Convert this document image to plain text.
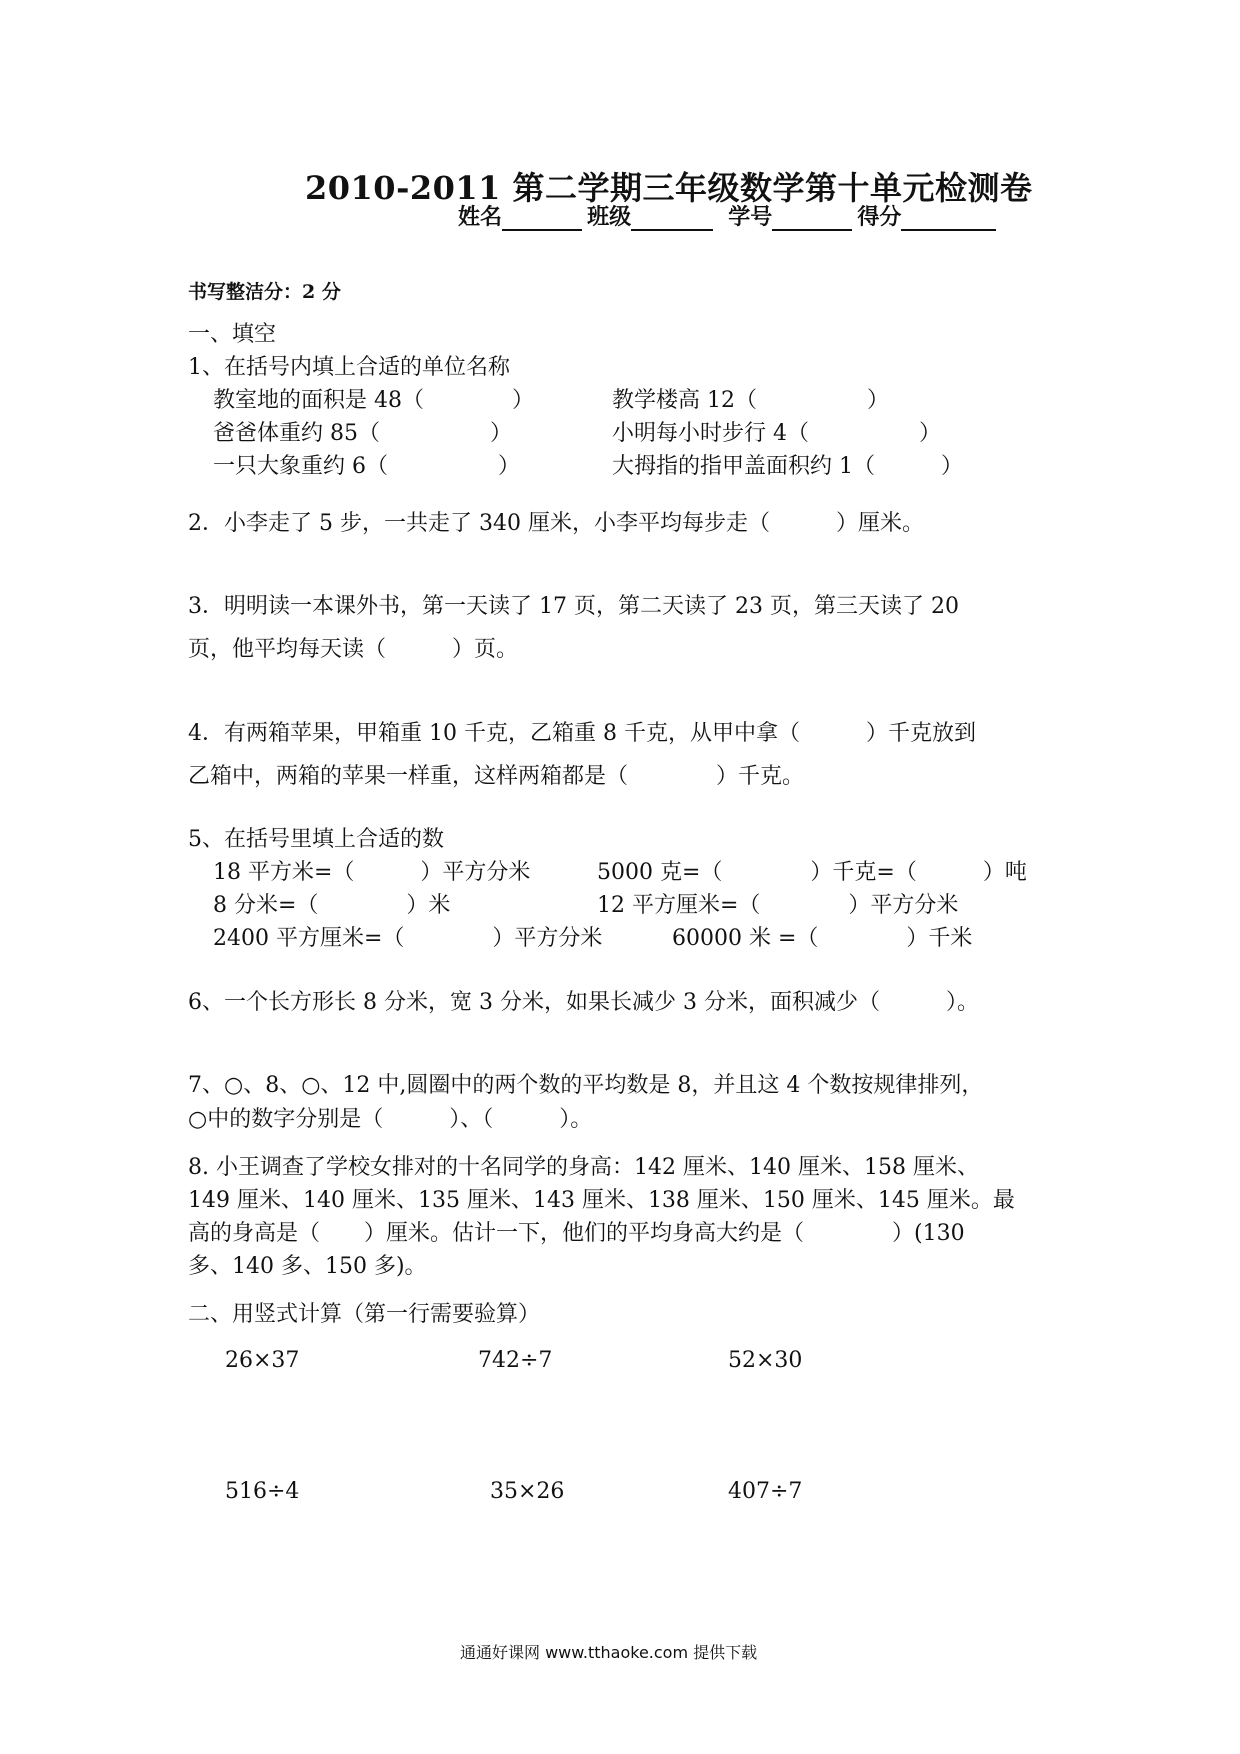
2010-2011 第二学期三年级数学第十单元检测卷
姓名	班级	学号	得分
书写整洁分：2 分
一、填空
1、在括号内填上合适的单位名称
教室地的面积是 48（　　　　）	教学楼高 12（　　　　　）
爸爸体重约 85（　　　　　）	小明每小时步行 4（　　　　　）
一只大象重约 6（　　　　　）	大拇指的指甲盖面积约 1（　　　）
2．小李走了 5 步，一共走了 340 厘米，小李平均每步走（　　　）厘米。
3．明明读一本课外书，第一天读了 17 页，第二天读了 23 页，第三天读了 20
页，他平均每天读（　　　）页。
4．有两箱苹果，甲箱重 10 千克，乙箱重 8 千克，从甲中拿（　　　）千克放到
乙箱中，两箱的苹果一样重，这样两箱都是（　　　　）千克。
5、在括号里填上合适的数
18 平方米=（　　　）平方分米	5000 克=（　　　　）千克=（　　　）吨
8 分米=（　　　　）米	12 平方厘米=（　　　　）平方分米
2400 平方厘米=（　　　　）平方分米	60000 米 =（　　　　）千米
6、一个长方形长 8 分米，宽 3 分米，如果长减少 3 分米，面积减少（　　　）。
7、○、8、○、12 中,圆圈中的两个数的平均数是 8，并且这 4 个数按规律排列，
○中的数字分别是（　　　）、（　　　）。
8. 小王调查了学校女排对的十名同学的身高：142 厘米、140 厘米、158 厘米、
149 厘米、140 厘米、135 厘米、143 厘米、138 厘米、150 厘米、145 厘米。最
高的身高是（　　）厘米。估计一下，他们的平均身高大约是（　　　　）(130
多、140 多、150 多)。
二、用竖式计算（第一行需要验算）
26×37	742÷7	52×30
516÷4	35×26	407÷7
通通好课网 www.tthaoke.com 提供下载
